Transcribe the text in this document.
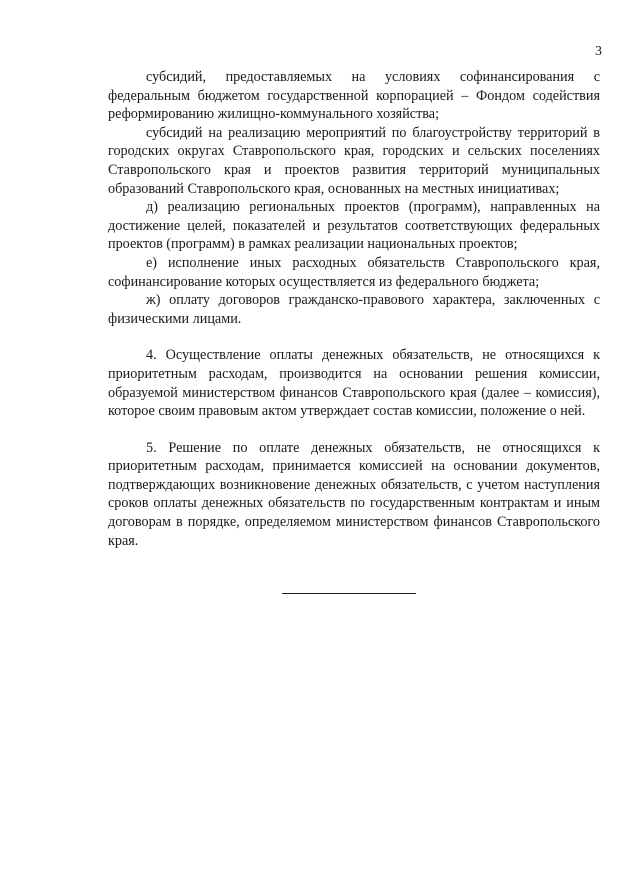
3

субсидий, предоставляемых на условиях софинансирования с федеральным бюджетом государственной корпорацией – Фондом содействия реформированию жилищно-коммунального хозяйства;

субсидий на реализацию мероприятий по благоустройству территорий в городских округах Ставропольского края, городских и сельских поселениях Ставропольского края и проектов развития территорий муниципальных образований Ставропольского края, основанных на местных инициативах;

д) реализацию региональных проектов (программ), направленных на достижение целей, показателей и результатов соответствующих федеральных проектов (программ) в рамках реализации национальных проектов;

е) исполнение иных расходных обязательств Ставропольского края, софинансирование которых осуществляется из федерального бюджета;

ж) оплату договоров гражданско-правового характера, заключенных с физическими лицами.

4. Осуществление оплаты денежных обязательств, не относящихся к приоритетным расходам, производится на основании решения комиссии, образуемой министерством финансов Ставропольского края (далее – комиссия), которое своим правовым актом утверждает состав комиссии, положение о ней.

5. Решение по оплате денежных обязательств, не относящихся к приоритетным расходам, принимается комиссией на основании документов, подтверждающих возникновение денежных обязательств, с учетом наступления сроков оплаты денежных обязательств по государственным контрактам и иным договорам в порядке, определяемом министерством финансов Ставропольского края.
